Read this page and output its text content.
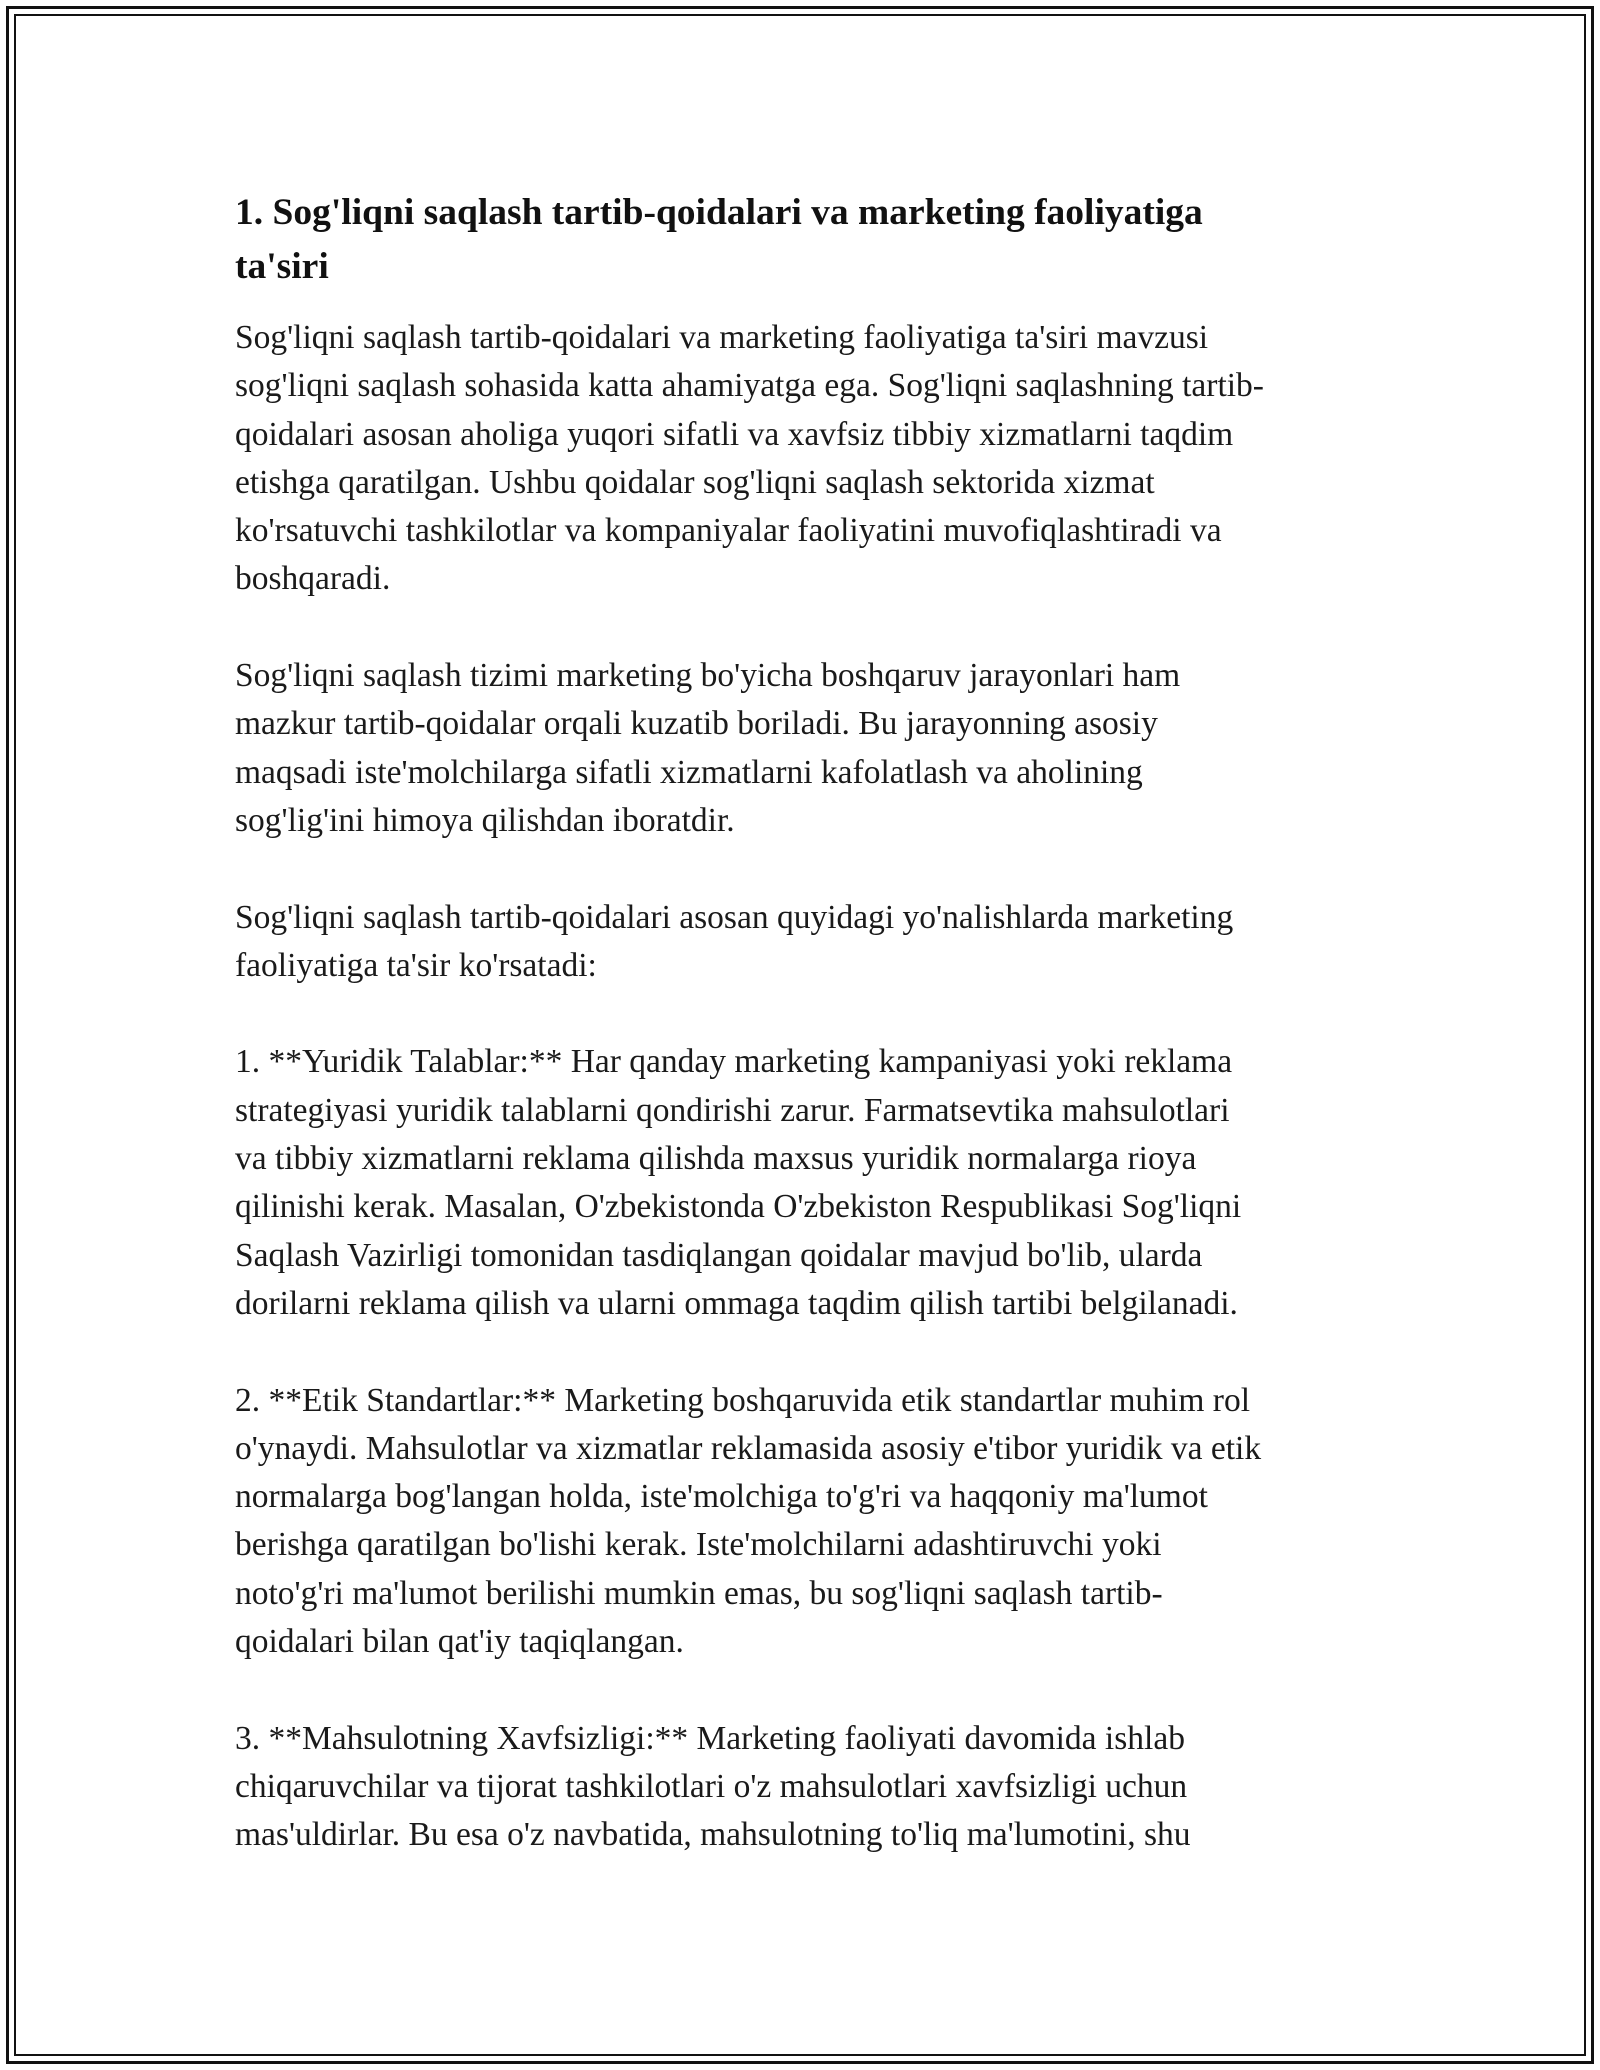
1. Sog'liqni saqlash tartib-qoidalari va marketing faoliyatiga
ta'siri

Sog'liqni saqlash tartib-qoidalari va marketing faoliyatiga ta'siri mavzusi
sog'liqni saqlash sohasida katta ahamiyatga ega. Sog'liqni saqlashning tartib-
qoidalari asosan aholiga yuqori sifatli va xavfsiz tibbiy xizmatlarni taqdim
etishga qaratilgan. Ushbu qoidalar sog'liqni saqlash sektorida xizmat
ko'rsatuvchi tashkilotlar va kompaniyalar faoliyatini muvofiqlashtiradi va
boshqaradi.

Sog'liqni saqlash tizimi marketing bo'yicha boshqaruv jarayonlari ham
mazkur tartib-qoidalar orqali kuzatib boriladi. Bu jarayonning asosiy
maqsadi iste'molchilarga sifatli xizmatlarni kafolatlash va aholining
sog'lig'ini himoya qilishdan iboratdir.

Sog'liqni saqlash tartib-qoidalari asosan quyidagi yo'nalishlarda marketing
faoliyatiga ta'sir ko'rsatadi:

1. **Yuridik Talablar:** Har qanday marketing kampaniyasi yoki reklama
strategiyasi yuridik talablarni qondirishi zarur. Farmatsevtika mahsulotlari
va tibbiy xizmatlarni reklama qilishda maxsus yuridik normalarga rioya
qilinishi kerak. Masalan, O'zbekistonda O'zbekiston Respublikasi Sog'liqni
Saqlash Vazirligi tomonidan tasdiqlangan qoidalar mavjud bo'lib, ularda
dorilarni reklama qilish va ularni ommaga taqdim qilish tartibi belgilanadi.

2. **Etik Standartlar:** Marketing boshqaruvida etik standartlar muhim rol
o'ynaydi. Mahsulotlar va xizmatlar reklamasida asosiy e'tibor yuridik va etik
normalarga bog'langan holda, iste'molchiga to'g'ri va haqqoniy ma'lumot
berishga qaratilgan bo'lishi kerak. Iste'molchilarni adashtiruvchi yoki
noto'g'ri ma'lumot berilishi mumkin emas, bu sog'liqni saqlash tartib-
qoidalari bilan qat'iy taqiqlangan.

3. **Mahsulotning Xavfsizligi:** Marketing faoliyati davomida ishlab
chiqaruvchilar va tijorat tashkilotlari o'z mahsulotlari xavfsizligi uchun
mas'uldirlar. Bu esa o'z navbatida, mahsulotning to'liq ma'lumotini, shu
